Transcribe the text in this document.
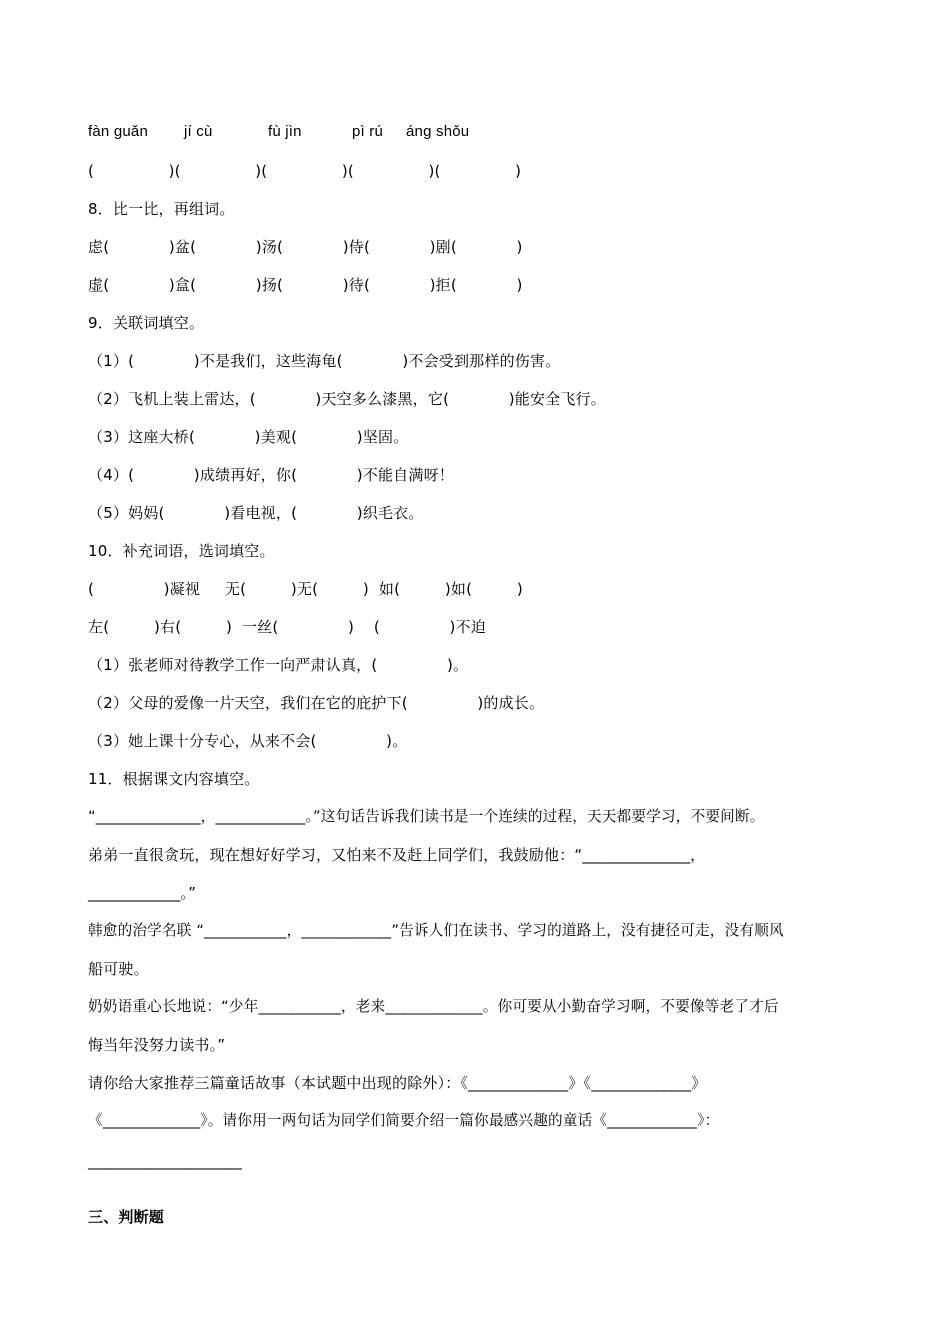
fàn guǎn

jí cù

	fù jìn

	pì rú

áng shǒu

(               )(               )(               )(               )(               )
8．比一比，再组词。
虑(            )盆(            )汤(            )侍(            )剧(            )
虚(            )盒(            )扬(            )待(            )拒(            )
9．关联词填空。
（1）(            )不是我们，这些海龟(            )不会受到那样的伤害。
（2）飞机上装上雷达，(            )天空多么漆黑，它(            )能安全飞行。
（3）这座大桥(            )美观(            )坚固。
（4）(            )成绩再好，你(            )不能自满呀！
（5）妈妈(            )看电视，(            )织毛衣。
10．补充词语，选词填空。
(              )凝视     无(         )无(         )  如(         )如(         )
左(         )右(         )  一丝(              )    (              )不迫
（1）张老师对待教学工作一向严肃认真，(              )。
（2）父母的爱像一片天空，我们在它的庇护下(              )的成长。
（3）她上课十分专心，从来不会(              )。
11．根据课文内容填空。
“______________，____________。”这句话告诉我们读书是一个连续的过程，天天都要学习，不要间断。
弟弟一直很贪玩，现在想好好学习，又怕来不及赶上同学们，我鼓励他：“______________，
____________。”
韩愈的治学名联 “___________，____________”告诉人们在读书、学习的道路上，没有捷径可走，没有顺风
船可驶。
奶奶语重心长地说：“少年___________，老来_____________。你可要从小勤奋学习啊，不要像等老了才后
悔当年没努力读书。”
请你给大家推荐三篇童话故事（本试题中出现的除外）：《_____________》《_____________》
《_____________》。请你用一两句话为同学们简要介绍一篇你最感兴趣的童话《____________》：
____________________
三、判断题
